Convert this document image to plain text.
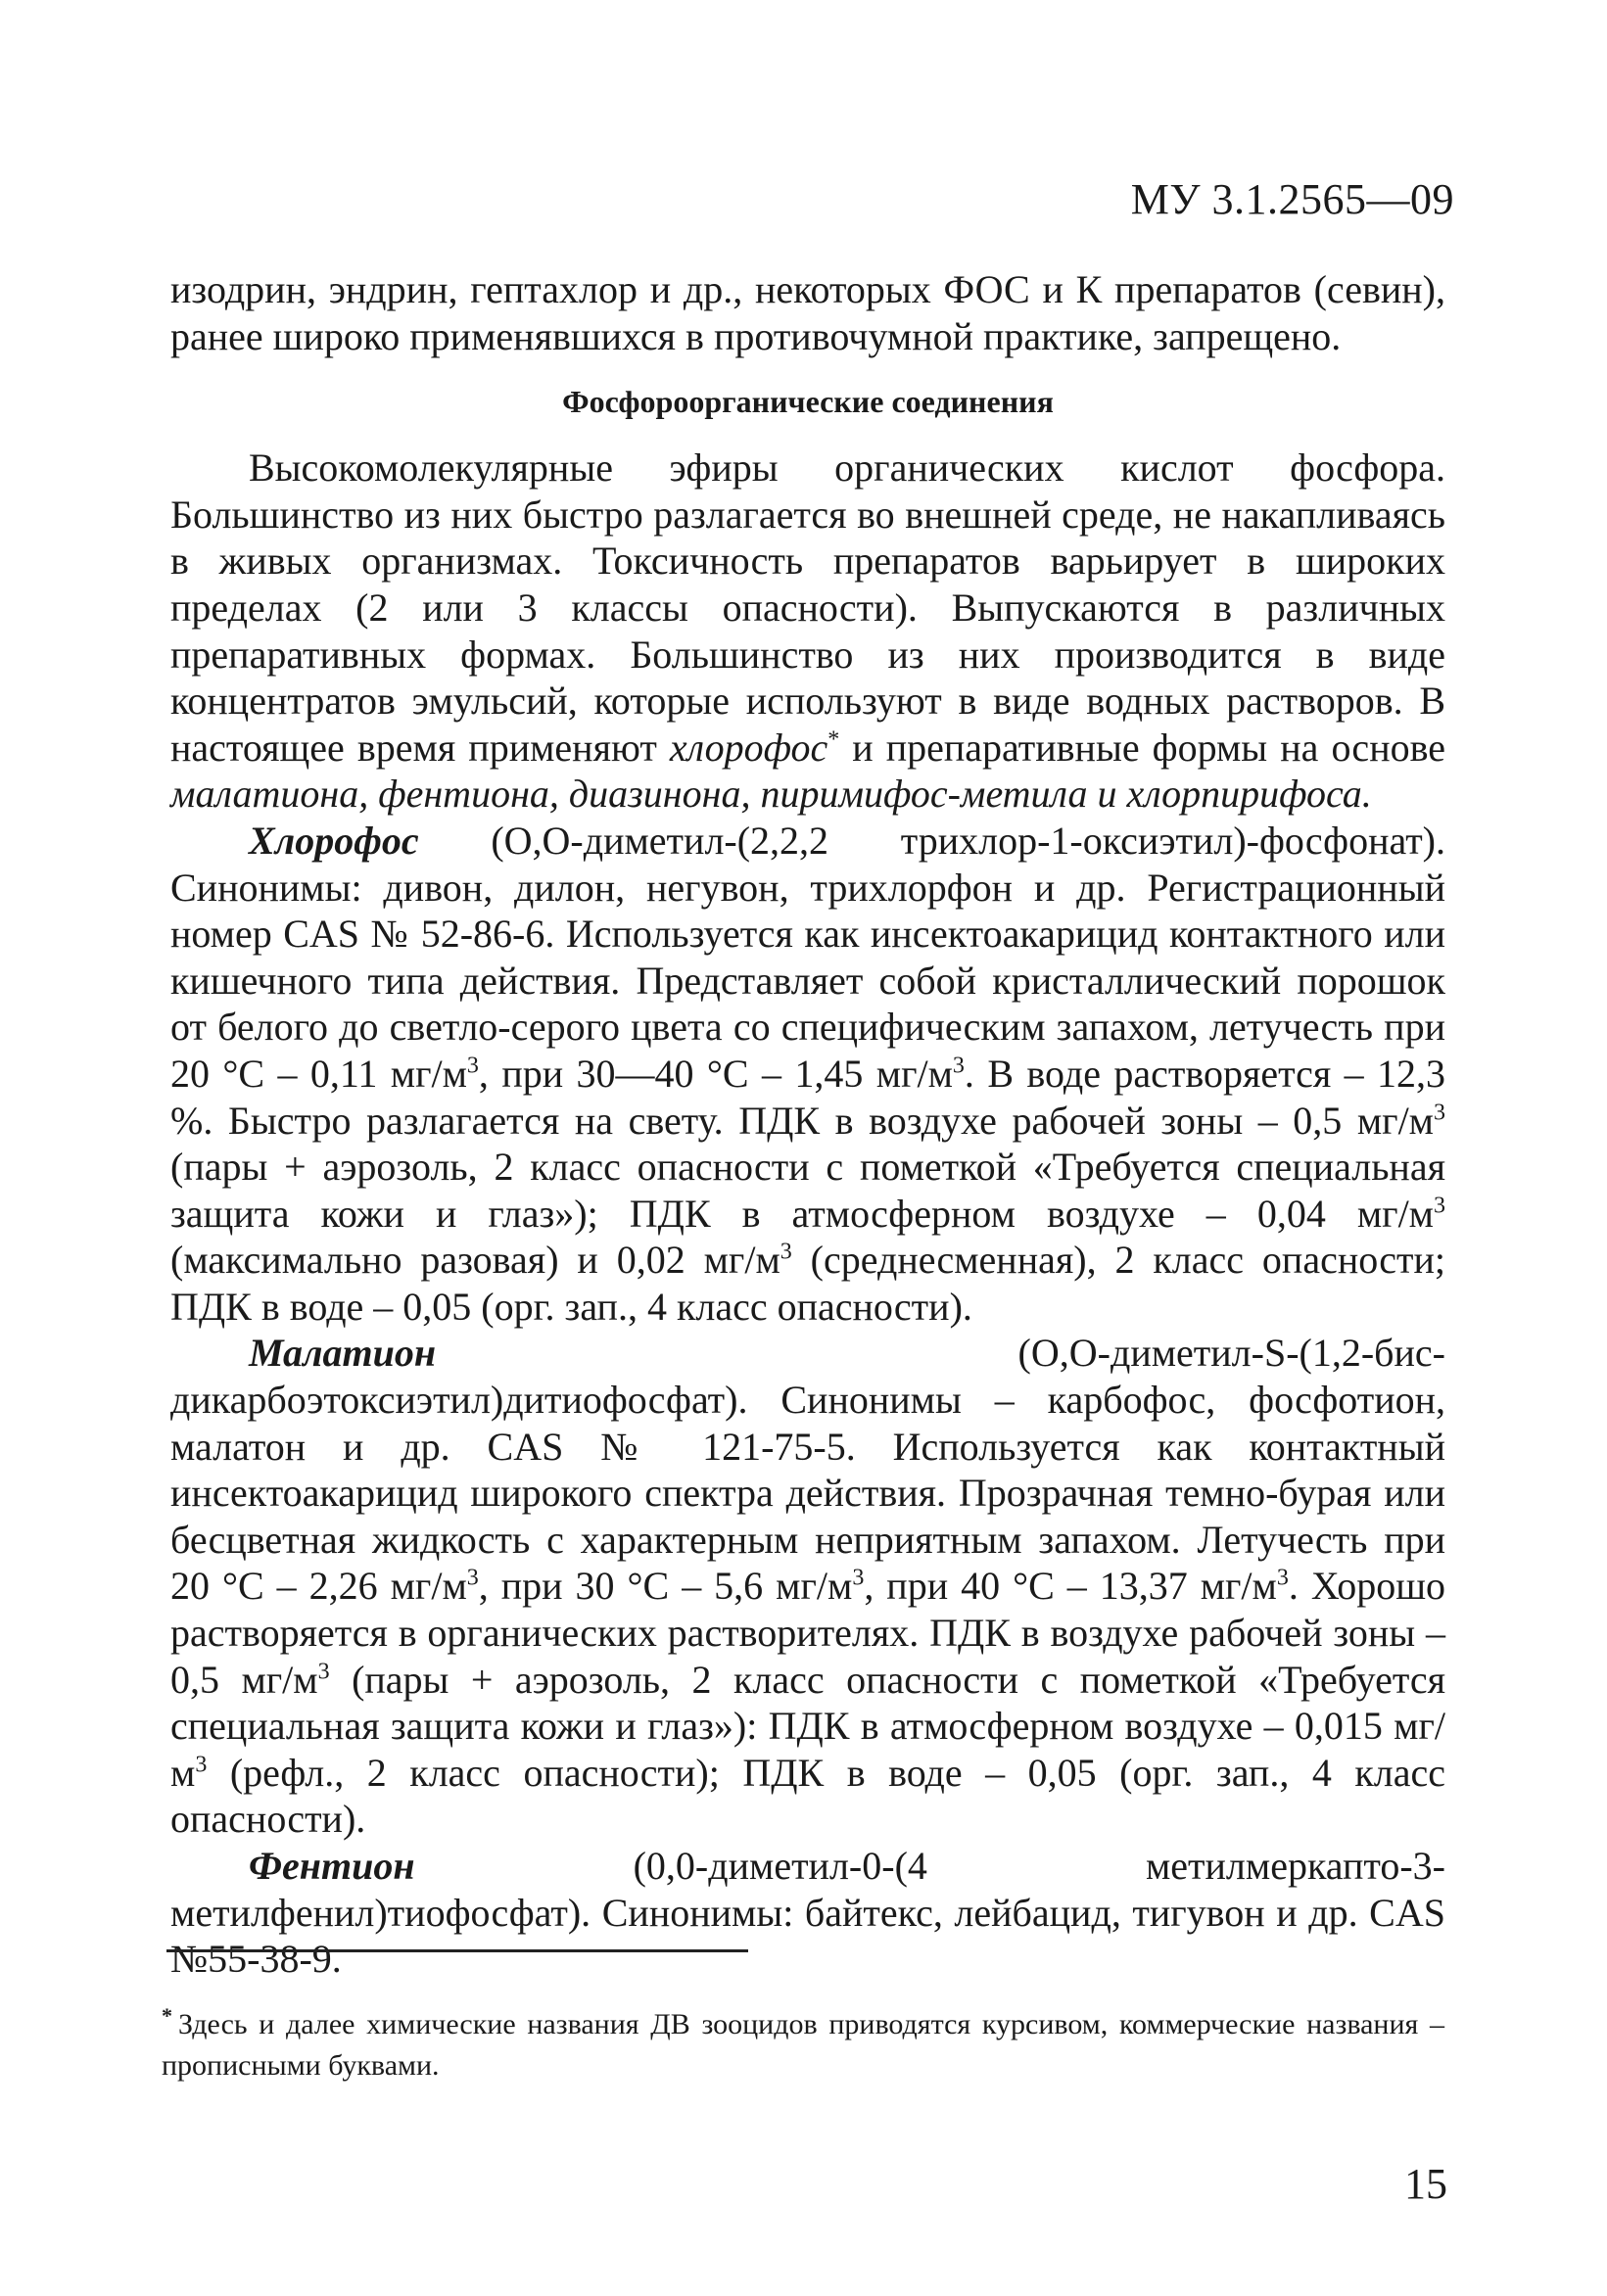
МУ 3.1.2565—09

изодрин, эндрин, гептахлор и др., некоторых ФОС и К препаратов (севин), ранее широко применявшихся в противочумной практике, запрещено.

Фосфороорганические соединения

Высокомолекулярные эфиры органических кислот фосфора. Большинство из них быстро разлагается во внешней среде, не накапливаясь в живых организмах. Токсичность препаратов варьирует в широких пределах (2 или 3 классы опасности). Выпускаются в различных препаративных формах. Большинство из них производится в виде концентратов эмульсий, которые используют в виде водных растворов. В настоящее время применяют хлорофос* и препаративные формы на основе малатиона, фентиона, диазинона, пиримифос-метила и хлорпирифоса.

Хлорофос (О,О-диметил-(2,2,2 трихлор-1-оксиэтил)-фосфонат). Синонимы: дивон, дилон, негувон, трихлорфон и др. Регистрационный номер CAS № 52-86-6. Используется как инсектоакарицид контактного или кишечного типа действия. Представляет собой кристаллический порошок от белого до светло-серого цвета со специфическим запахом, летучесть при 20 °С – 0,11 $мг/м^3$, при 30—40 °С – 1,45 $мг/м^3$. В воде растворяется – 12,3 %. Быстро разлагается на свету. ПДК в воздухе рабочей зоны – 0,5 $мг/м^3$ (пары + аэрозоль, 2 класс опасности с пометкой «Требуется специальная защита кожи и глаз»); ПДК в атмосферном воздухе – 0,04 $мг/м^3$ (максимально разовая) и 0,02 $мг/м^3$ (среднесменная), 2 класс опасности; ПДК в воде – 0,05 (орг. зап., 4 класс опасности).

Малатион (О,О-диметил-S-(1,2-бис-дикарбоэтоксиэтил)дитиофосфат). Синонимы – карбофос, фосфотион, малатон и др. CAS № 121-75-5. Используется как контактный инсектоакарицид широкого спектра действия. Прозрачная темно-бурая или бесцветная жидкость с характерным неприятным запахом. Летучесть при 20 °С – 2,26 $мг/м^3$, при 30 °С – 5,6 $мг/м^3$, при 40 °С – 13,37 $мг/м^3$. Хорошо растворяется в органических растворителях. ПДК в воздухе рабочей зоны – 0,5 $мг/м^3$ (пары + аэрозоль, 2 класс опасности с пометкой «Требуется специальная защита кожи и глаз»): ПДК в атмосферном воздухе – 0,015 $мг/м^3$ (рефл., 2 класс опасности); ПДК в воде – 0,05 (орг. зап., 4 класс опасности).

Фентион (0,0-диметил-0-(4 метилмеркапто-3-метилфенил)тиофосфат). Синонимы: байтекс, лейбацид, тигувон и др. CAS №55-38-9.

* Здесь и далее химические названия ДВ зооцидов приводятся курсивом, коммерческие названия – прописными буквами.

15
